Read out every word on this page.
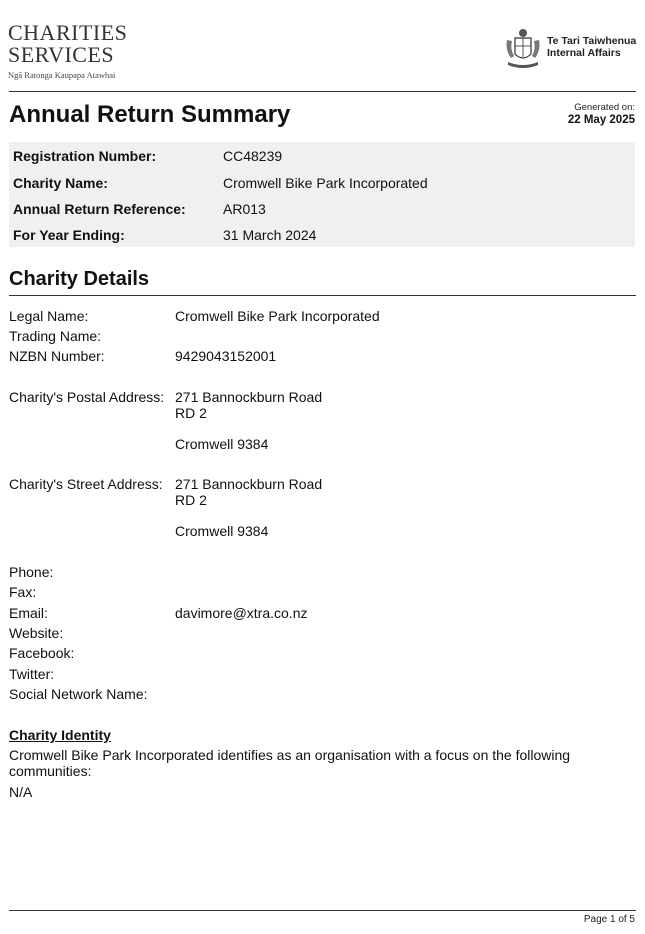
CHARITIES
SERVICES
Ngā Ratonga Kaupapa Atawhai
Te Tari Taiwhenua
Internal Affairs
Annual Return Summary	Generated on:
22 May 2025
Registration Number:	CC48239
Charity Name:	Cromwell Bike Park Incorporated
Annual Return Reference:	AR013
For Year Ending:	31 March 2024
Charity Details
Legal Name:	Cromwell Bike Park Incorporated
Trading Name:
NZBN Number:	9429043152001
Charity's Postal Address: 271 Bannockburn Road
RD 2
Cromwell 9384
Charity's Street Address: 271 Bannockburn Road
RD 2
Cromwell 9384
Phone:
Fax:
Email:	davimore@xtra.co.nz
Website:
Facebook:
Twitter:
Social Network Name:
Charity Identity
Cromwell Bike Park Incorporated identifies as an organisation with a focus on the following communities:
N/A
Page 1 of 5
